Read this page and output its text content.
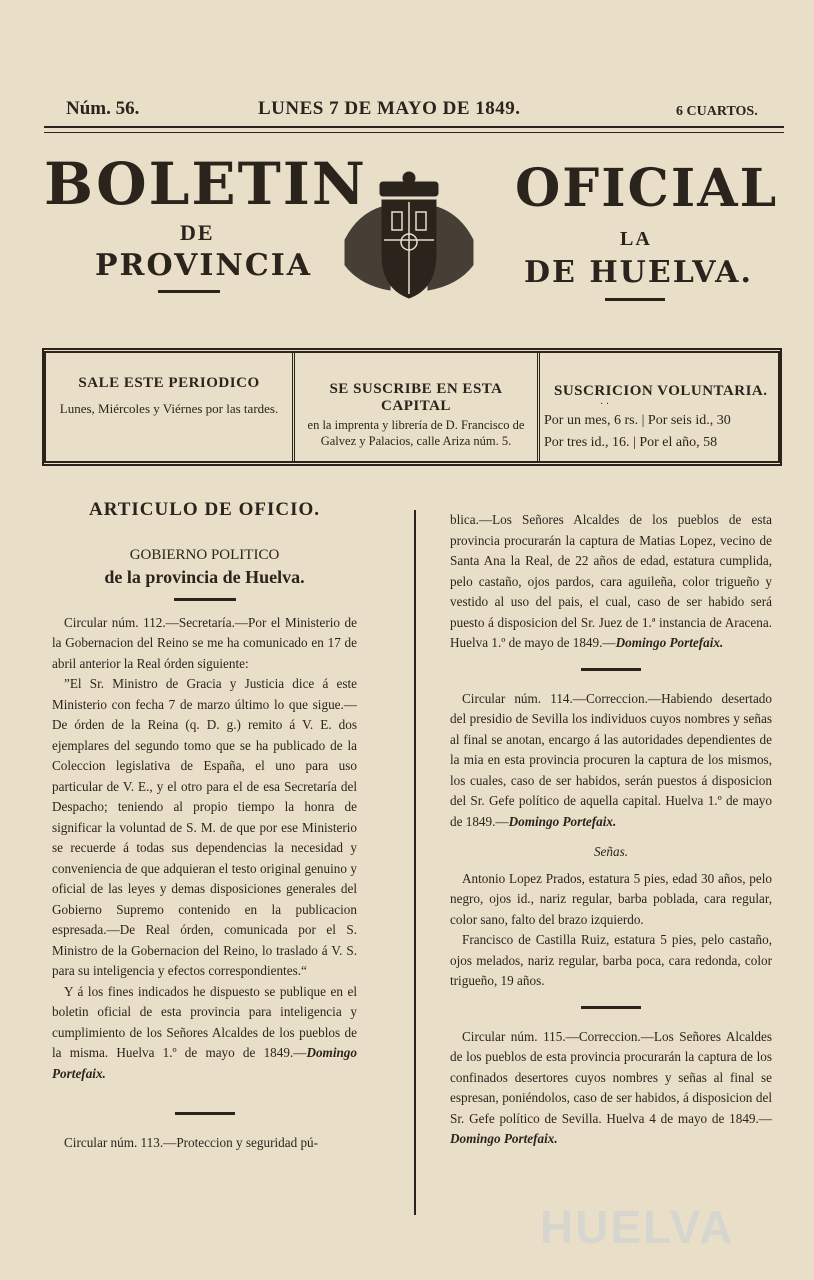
Núm. 56.	LUNES 7 DE MAYO DE 1849.	6 CUARTOS.
BOLETIN
DE
PROVINCIA
OFICIAL
LA
DE HUELVA.
SALE ESTE PERIODICO

Lunes, Miércoles y Viérnes por las tardes.

SE SUSCRIBE EN ESTA CAPITAL

en la imprenta y librería de D. Francisco de Galvez y Palacios, calle Ariza núm. 5.

SUSCRICION VOLUNTARIA.
· ·
Por un mes, 6 rs. | Por seis id., 30
Por tres id., 16. | Por el año, 58
ARTICULO DE OFICIO.
GOBIERNO POLITICO
de la provincia de Huelva.

Circular núm. 112.—Secretaría.—Por el Ministerio de la Gobernacion del Reino se me ha comunicado en 17 de abril anterior la Real órden siguiente:

”El Sr. Ministro de Gracia y Justicia dice á este Ministerio con fecha 7 de marzo último lo que sigue.—De órden de la Reina (q. D. g.) remito á V. E. dos ejemplares del segundo tomo que se ha publicado de la Coleccion legislativa de España, el uno para uso particular de V. E., y el otro para el de esa Secretaría del Despacho; teniendo al propio tiempo la honra de significar la voluntad de S. M. de que por ese Ministerio se recuerde á todas sus dependencias la necesidad y conveniencia de que adquieran el testo original genuino y oficial de las leyes y demas disposiciones generales del Gobierno Supremo contenido en la publicacion espresada.—De Real órden, comunicada por el S. Ministro de la Gobernacion del Reino, lo traslado á V. S. para su inteligencia y efectos correspondientes.“

Y á los fines indicados he dispuesto se publique en el boletin oficial de esta provincia para inteligencia y cumplimiento de los Señores Alcaldes de los pueblos de la misma. Huelva 1.º de mayo de 1849.—Domingo Portefaix.

Circular núm. 113.—Proteccion y seguridad pú-

blica.—Los Señores Alcaldes de los pueblos de esta provincia procurarán la captura de Matias Lopez, vecino de Santa Ana la Real, de 22 años de edad, estatura cumplida, pelo castaño, ojos pardos, cara aguileña, color trigueño y vestido al uso del pais, el cual, caso de ser habido será puesto á disposicion del Sr. Juez de 1.ª instancia de Aracena. Huelva 1.º de mayo de 1849.—Domingo Portefaix.

Circular núm. 114.—Correccion.—Habiendo desertado del presidio de Sevilla los individuos cuyos nombres y señas al final se anotan, encargo á las autoridades dependientes de la mia en esta provincia procuren la captura de los mismos, los cuales, caso de ser habidos, serán puestos á disposicion del Sr. Gefe político de aquella capital. Huelva 1.º de mayo de 1849.—Domingo Portefaix.

Señas.

Antonio Lopez Prados, estatura 5 pies, edad 30 años, pelo negro, ojos id., nariz regular, barba poblada, cara regular, color sano, falto del brazo izquierdo.

Francisco de Castilla Ruiz, estatura 5 pies, pelo castaño, ojos melados, nariz regular, barba poca, cara redonda, color trigueño, 19 años.

Circular núm. 115.—Correccion.—Los Señores Alcaldes de los pueblos de esta provincia procurarán la captura de los confinados desertores cuyos nombres y señas al final se espresan, poniéndolos, caso de ser habidos, á disposicion del Sr. Gefe político de Sevilla. Huelva 4 de mayo de 1849.—Domingo Portefaix.

HUELVA
